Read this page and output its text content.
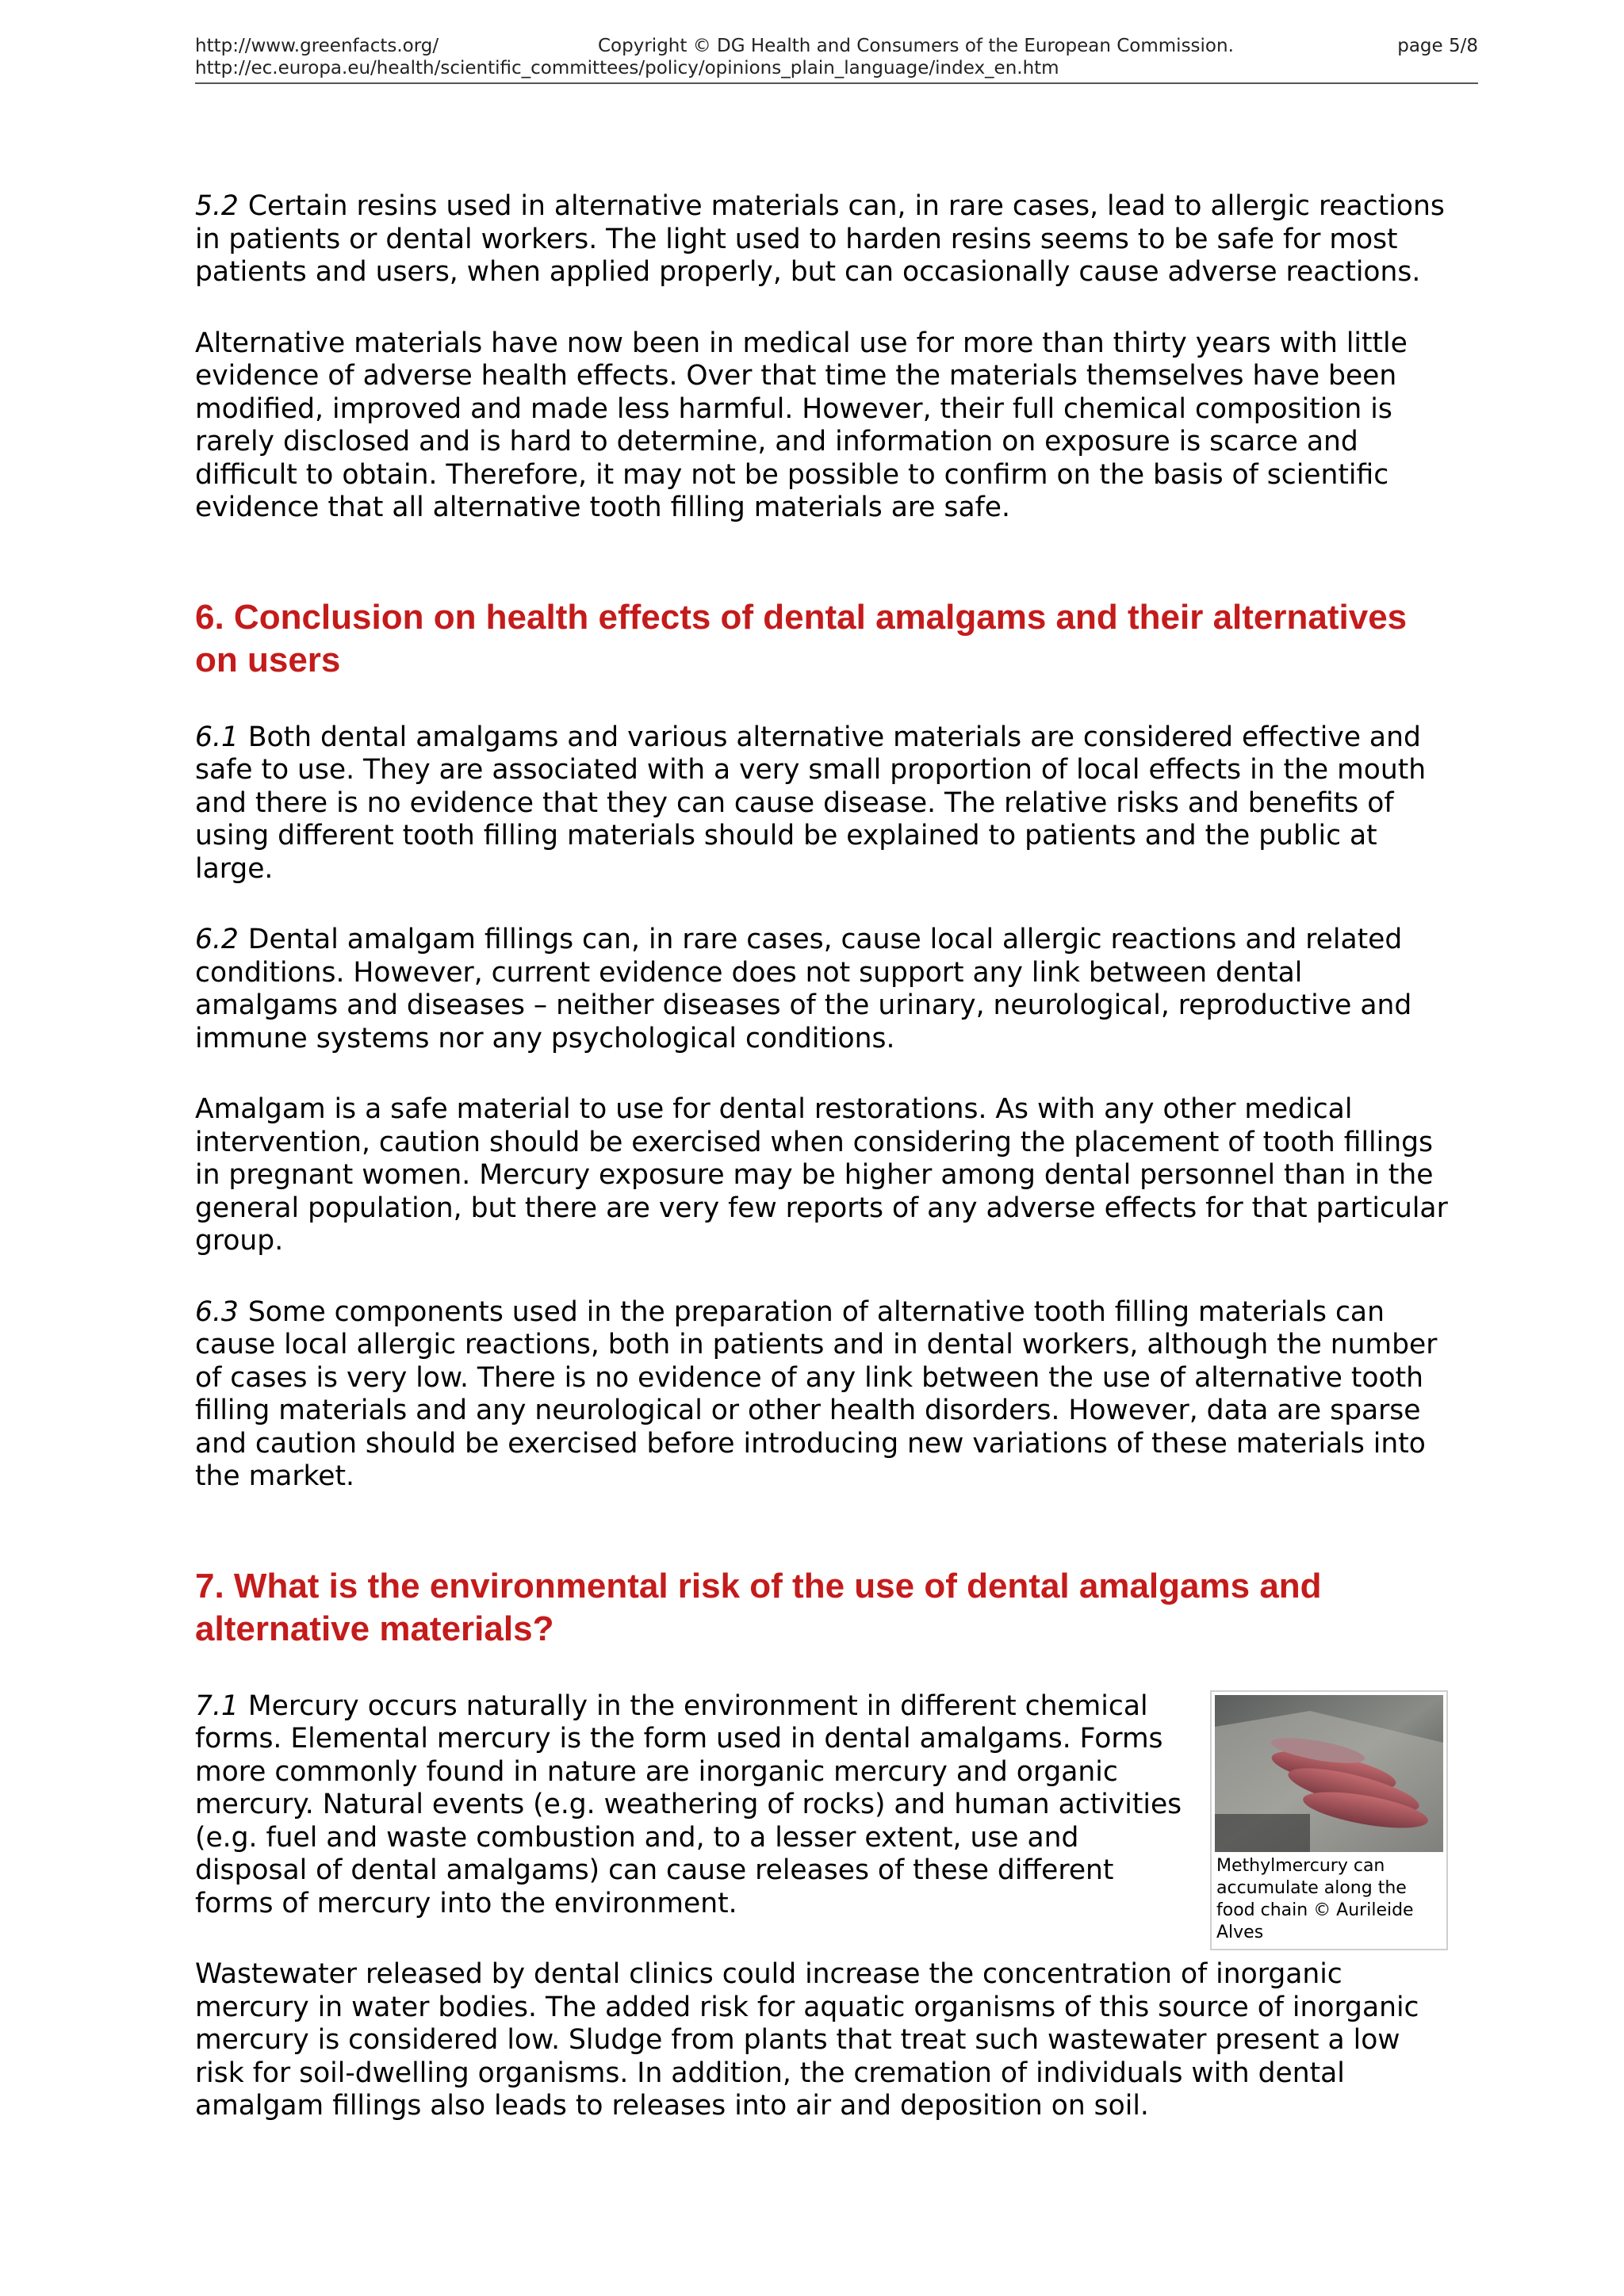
http://www.greenfacts.org/	Copyright © DG Health and Consumers of the European Commission.	page 5/8
http://ec.europa.eu/health/scientific_committees/policy/opinions_plain_language/index_en.htm

5.2 Certain resins used in alternative materials can, in rare cases, lead to allergic reactions in patients or dental workers. The light used to harden resins seems to be safe for most patients and users, when applied properly, but can occasionally cause adverse reactions.

Alternative materials have now been in medical use for more than thirty years with little evidence of adverse health effects. Over that time the materials themselves have been modified, improved and made less harmful. However, their full chemical composition is rarely disclosed and is hard to determine, and information on exposure is scarce and difficult to obtain. Therefore, it may not be possible to confirm on the basis of scientific evidence that all alternative tooth filling materials are safe.

6. Conclusion on health effects of dental amalgams and their alternatives on users

6.1 Both dental amalgams and various alternative materials are considered effective and safe to use. They are associated with a very small proportion of local effects in the mouth and there is no evidence that they can cause disease. The relative risks and benefits of using different tooth filling materials should be explained to patients and the public at large.

6.2 Dental amalgam fillings can, in rare cases, cause local allergic reactions and related conditions. However, current evidence does not support any link between dental amalgams and diseases – neither diseases of the urinary, neurological, reproductive and immune systems nor any psychological conditions.

Amalgam is a safe material to use for dental restorations. As with any other medical intervention, caution should be exercised when considering the placement of tooth fillings in pregnant women. Mercury exposure may be higher among dental personnel than in the general population, but there are very few reports of any adverse effects for that particular group.

6.3 Some components used in the preparation of alternative tooth filling materials can cause local allergic reactions, both in patients and in dental workers, although the number of cases is very low. There is no evidence of any link between the use of alternative tooth filling materials and any neurological or other health disorders. However, data are sparse and caution should be exercised before introducing new variations of these materials into the market.

7. What is the environmental risk of the use of dental amalgams and alternative materials?
Methylmercury can accumulate along the food chain © Aurileide Alves

7.1 Mercury occurs naturally in the environment in different chemical forms. Elemental mercury is the form used in dental amalgams. Forms more commonly found in nature are inorganic mercury and organic mercury. Natural events (e.g. weathering of rocks) and human activities (e.g. fuel and waste combustion and, to a lesser extent, use and disposal of dental amalgams) can cause releases of these different forms of mercury into the environment.

Wastewater released by dental clinics could increase the concentration of inorganic mercury in water bodies. The added risk for aquatic organisms of this source of inorganic mercury is considered low. Sludge from plants that treat such wastewater present a low risk for soil-dwelling organisms. In addition, the cremation of individuals with dental amalgam fillings also leads to releases into air and deposition on soil.
